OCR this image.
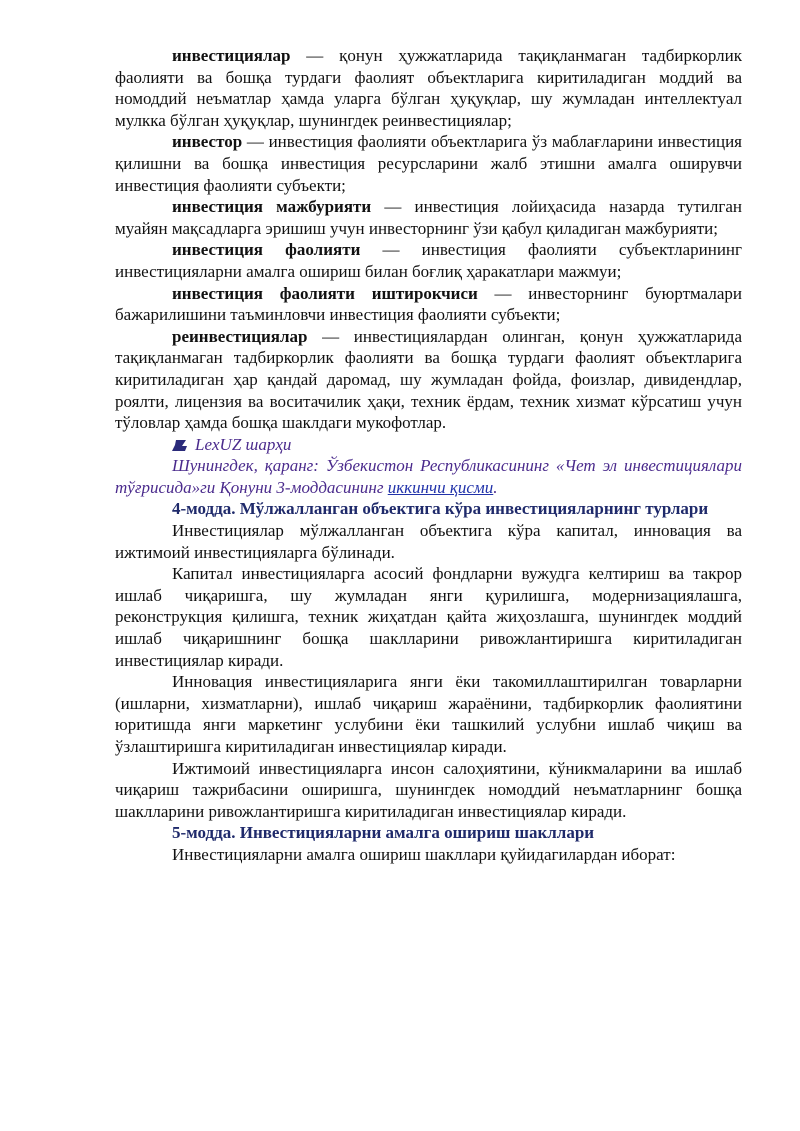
инвестициялар — қонун ҳужжатларида тақиқланмаган тадбиркорлик фаолияти ва бошқа турдаги фаолият объектларига киритиладиган моддий ва номоддий неъматлар ҳамда уларга бўлган ҳуқуқлар, шу жумладан интеллектуал мулкка бўлган ҳуқуқлар, шунингдек реинвестициялар;

инвестор — инвестиция фаолияти объектларига ўз маблағларини инвестиция қилишни ва бошқа инвестиция ресурсларини жалб этишни амалга оширувчи инвестиция фаолияти субъекти;

инвестиция мажбурияти — инвестиция лойиҳасида назарда тутилган муайян мақсадларга эришиш учун инвесторнинг ўзи қабул қиладиган мажбурияти;

инвестиция фаолияти — инвестиция фаолияти субъектларининг инвестицияларни амалга ошириш билан боғлиқ ҳаракатлари мажмуи;

инвестиция фаолияти иштирокчиси — инвесторнинг буюртмалари бажарилишини таъминловчи инвестиция фаолияти субъекти;

реинвестициялар — инвестициялардан олинган, қонун ҳужжатларида тақиқланмаган тадбиркорлик фаолияти ва бошқа турдаги фаолият объектларига киритиладиган ҳар қандай даромад, шу жумладан фойда, фоизлар, дивидендлар, роялти, лицензия ва воситачилик ҳақи, техник ёрдам, техник хизмат кўрсатиш учун тўловлар ҳамда бошқа шаклдаги мукофотлар.

LexUZ шарҳи

Шунингдек, қаранг: Ўзбекистон Республикасининг «Чет эл инвестициялари тўғрисида»ги Қонуни 3-моддасининг иккинчи қисми.

4-модда. Мўлжалланган объектига кўра инвестицияларнинг турлари

Инвестициялар мўлжалланган объектига кўра капитал, инновация ва ижтимоий инвестицияларга бўлинади.

Капитал инвестицияларга асосий фондларни вужудга келтириш ва такрор ишлаб чиқаришга, шу жумладан янги қурилишга, модернизациялашга, реконструкция қилишга, техник жиҳатдан қайта жиҳозлашга, шунингдек моддий ишлаб чиқаришнинг бошқа шаклларини ривожлантиришга киритиладиган инвестициялар киради.

Инновация инвестицияларига янги ёки такомиллаштирилган товарларни (ишларни, хизматларни), ишлаб чиқариш жараёнини, тадбиркорлик фаолиятини юритишда янги маркетинг услубини ёки ташкилий услубни ишлаб чиқиш ва ўзлаштиришга киритиладиган инвестициялар киради.

Ижтимоий инвестицияларга инсон салоҳиятини, кўникмаларини ва ишлаб чиқариш тажрибасини оширишга, шунингдек номоддий неъматларнинг бошқа шаклларини ривожлантиришга киритиладиган инвестициялар киради.

5-модда. Инвестицияларни амалга ошириш шакллари

Инвестицияларни амалга ошириш шакллари қуйидагилардан иборат:
